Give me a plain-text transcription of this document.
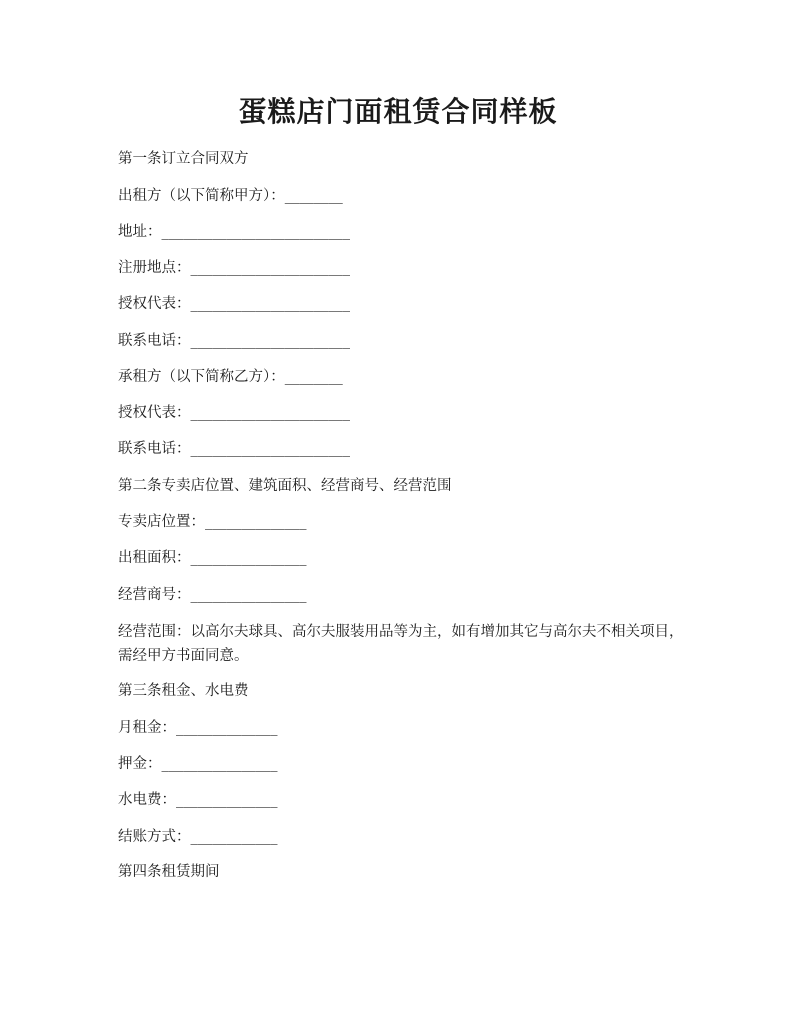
蛋糕店门面租赁合同样板
第一条订立合同双方
出租方（以下简称甲方）：________
地址：__________________________
注册地点：______________________
授权代表：______________________
联系电话：______________________
承租方（以下简称乙方）：________
授权代表：______________________
联系电话：______________________
第二条专卖店位置、建筑面积、经营商号、经营范围
专卖店位置：______________
出租面积：________________
经营商号：________________
经营范围：以高尔夫球具、高尔夫服装用品等为主，如有增加其它与高尔夫不相关项目，需经甲方书面同意。
第三条租金、水电费
月租金：______________
押金：________________
水电费：______________
结账方式：____________
第四条租赁期间
